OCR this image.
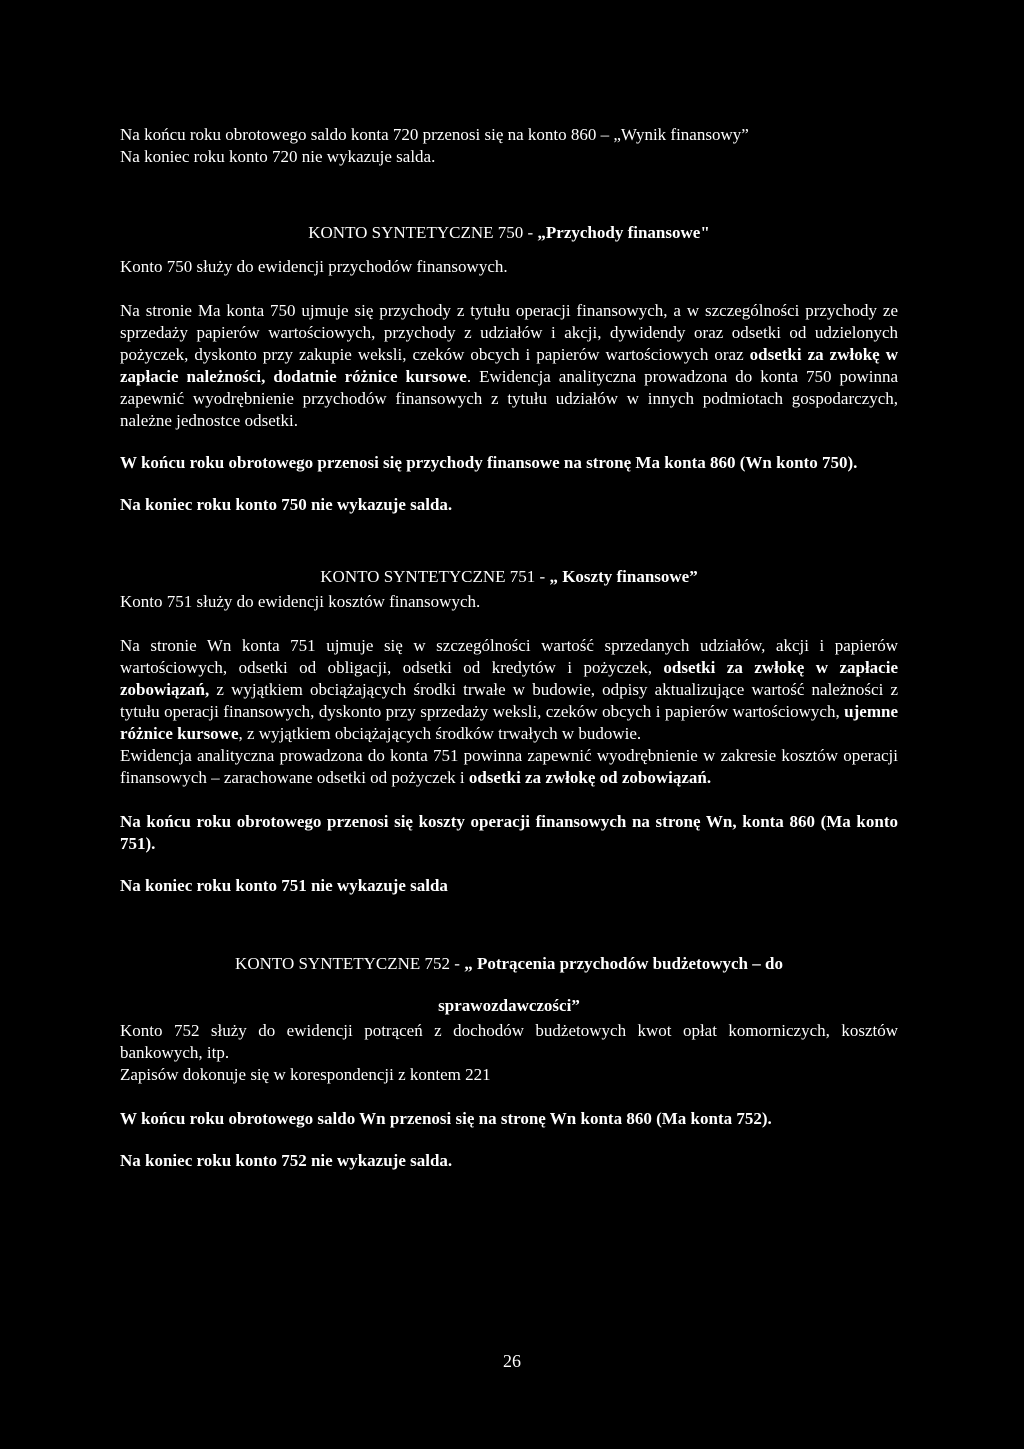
Na końcu roku obrotowego saldo konta 720 przenosi się na konto 860 – „Wynik finansowy”

Na koniec roku konto 720 nie wykazuje salda.

KONTO SYNTETYCZNE 750 - „Przychody finansowe"

Konto 750 służy do ewidencji przychodów finansowych.

Na stronie Ma konta 750 ujmuje się przychody z tytułu operacji finansowych, a w szczególności przychody ze sprzedaży papierów wartościowych, przychody z udziałów i akcji, dywidendy oraz odsetki od udzielonych pożyczek, dyskonto przy zakupie weksli, czeków obcych i papierów wartościowych oraz odsetki za zwłokę w zapłacie należności, dodatnie różnice kursowe. Ewidencja analityczna prowadzona do konta 750 powinna zapewnić wyodrębnienie przychodów finansowych z tytułu udziałów w innych podmiotach gospodarczych, należne jednostce odsetki.

W końcu roku obrotowego przenosi się przychody finansowe na stronę Ma konta 860 (Wn konto 750).

Na koniec roku konto 750 nie wykazuje salda.

KONTO SYNTETYCZNE 751 - „ Koszty finansowe”

Konto 751 służy do ewidencji kosztów finansowych.

Na stronie Wn konta 751 ujmuje się w szczególności wartość sprzedanych udziałów, akcji i papierów wartościowych, odsetki od obligacji, odsetki od kredytów i pożyczek, odsetki za zwłokę w zapłacie zobowiązań, z wyjątkiem obciążających środki trwałe w budowie, odpisy aktualizujące wartość należności z tytułu operacji finansowych, dyskonto przy sprzedaży weksli, czeków obcych i papierów wartościowych, ujemne różnice kursowe, z wyjątkiem obciążających środków trwałych w budowie.

Ewidencja analityczna prowadzona do konta 751 powinna zapewnić wyodrębnienie w zakresie kosztów operacji finansowych – zarachowane odsetki od pożyczek i odsetki za zwłokę od zobowiązań.

Na końcu roku obrotowego przenosi się koszty operacji finansowych na stronę Wn, konta 860 (Ma konto 751).

Na koniec roku konto 751 nie wykazuje salda

KONTO SYNTETYCZNE 752 - „ Potrącenia przychodów budżetowych – do

sprawozdawczości”

Konto 752 służy do ewidencji potrąceń z dochodów budżetowych kwot opłat komorniczych, kosztów bankowych, itp.

Zapisów dokonuje się w korespondencji z kontem 221

W końcu roku obrotowego saldo Wn przenosi się na stronę Wn konta 860 (Ma konta 752).

Na koniec roku konto 752 nie wykazuje salda.

26
